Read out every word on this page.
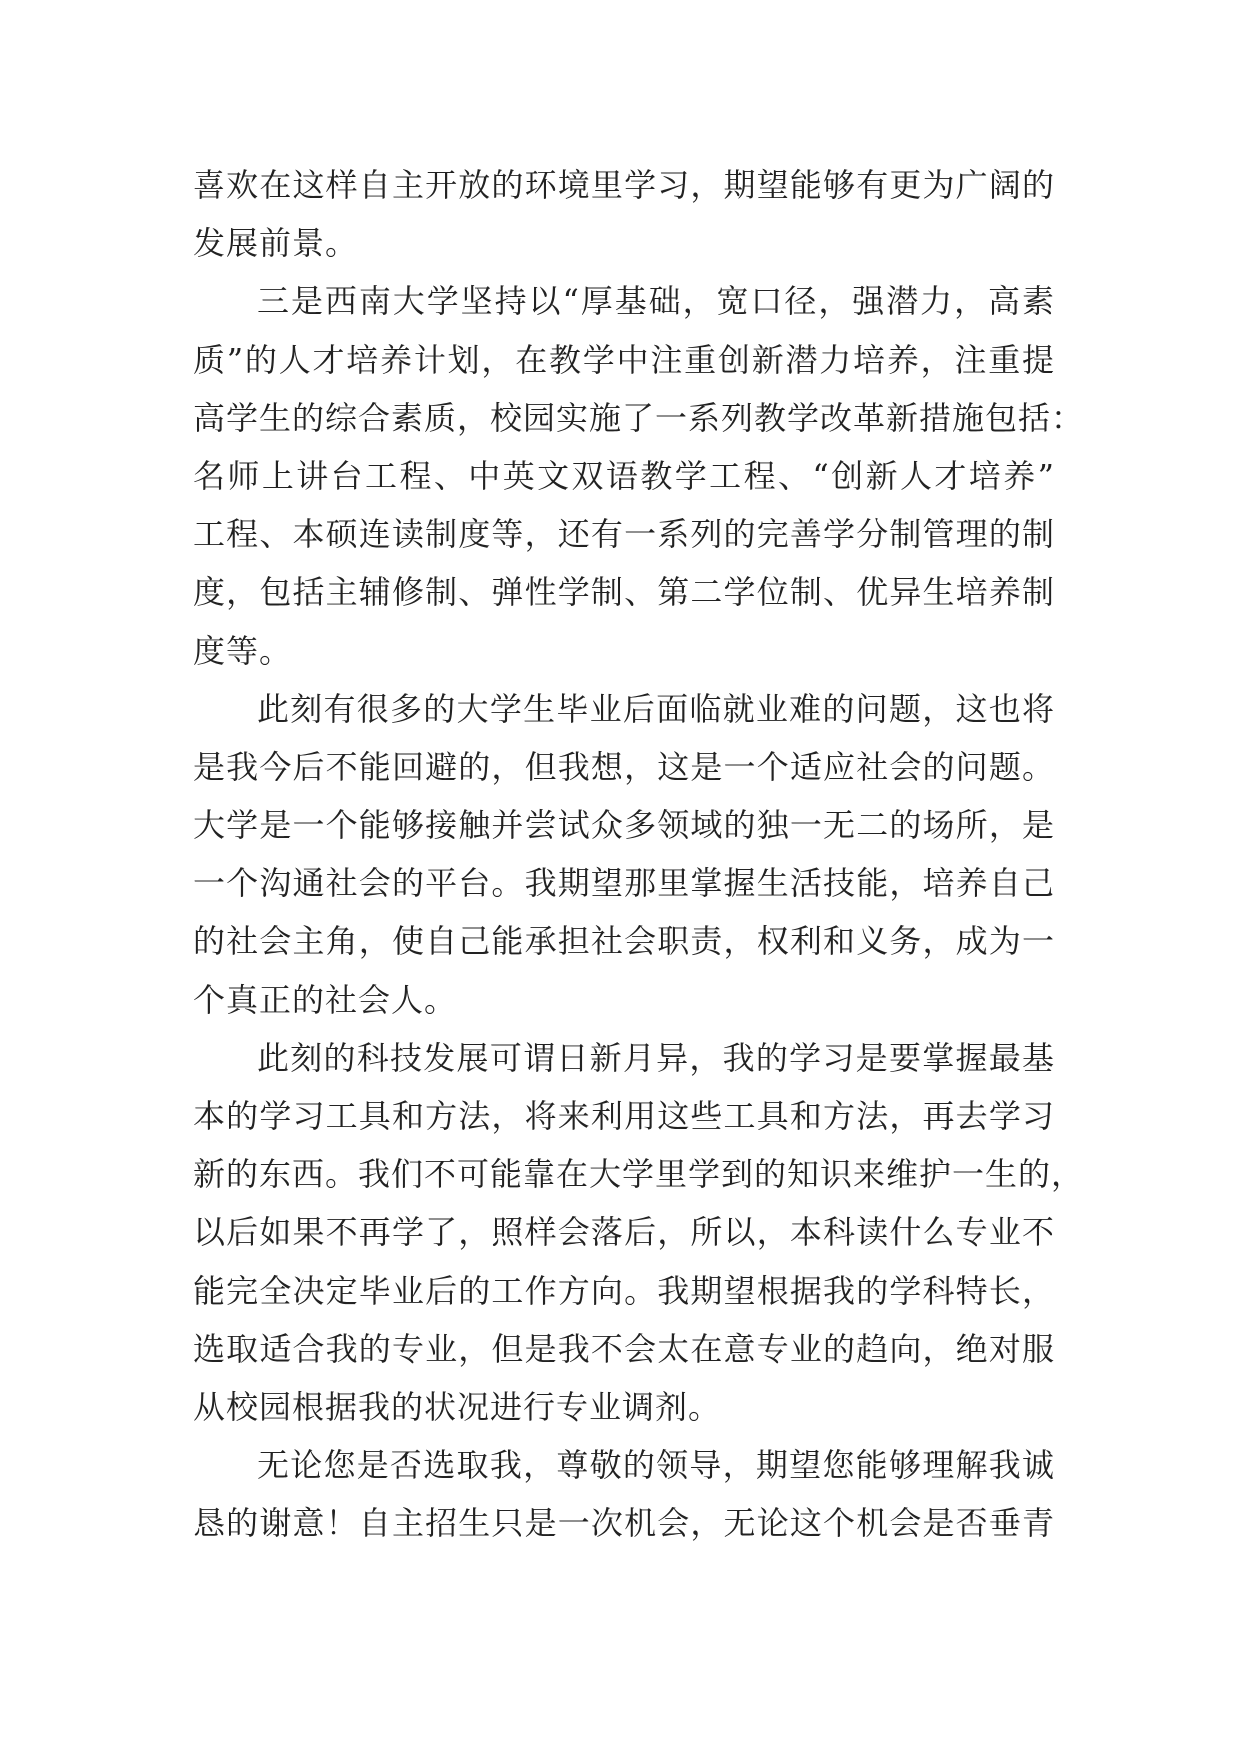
喜欢在这样自主开放的环境里学习，期望能够有更为广阔的
发展前景。
三是西南大学坚持以“厚基础，宽口径，强潜力，高素
质”的人才培养计划，在教学中注重创新潜力培养，注重提
高学生的综合素质，校园实施了一系列教学改革新措施包括：
名师上讲台工程、中英文双语教学工程、“创新人才培养”
工程、本硕连读制度等，还有一系列的完善学分制管理的制
度，包括主辅修制、弹性学制、第二学位制、优异生培养制
度等。
此刻有很多的大学生毕业后面临就业难的问题，这也将
是我今后不能回避的，但我想，这是一个适应社会的问题。
大学是一个能够接触并尝试众多领域的独一无二的场所，是
一个沟通社会的平台。我期望那里掌握生活技能，培养自己
的社会主角，使自己能承担社会职责，权利和义务，成为一
个真正的社会人。
此刻的科技发展可谓日新月异，我的学习是要掌握最基
本的学习工具和方法，将来利用这些工具和方法，再去学习
新的东西。我们不可能靠在大学里学到的知识来维护一生的，
以后如果不再学了，照样会落后，所以，本科读什么专业不
能完全决定毕业后的工作方向。我期望根据我的学科特长，
选取适合我的专业，但是我不会太在意专业的趋向，绝对服
从校园根据我的状况进行专业调剂。
无论您是否选取我，尊敬的领导，期望您能够理解我诚
恳的谢意！自主招生只是一次机会，无论这个机会是否垂青
